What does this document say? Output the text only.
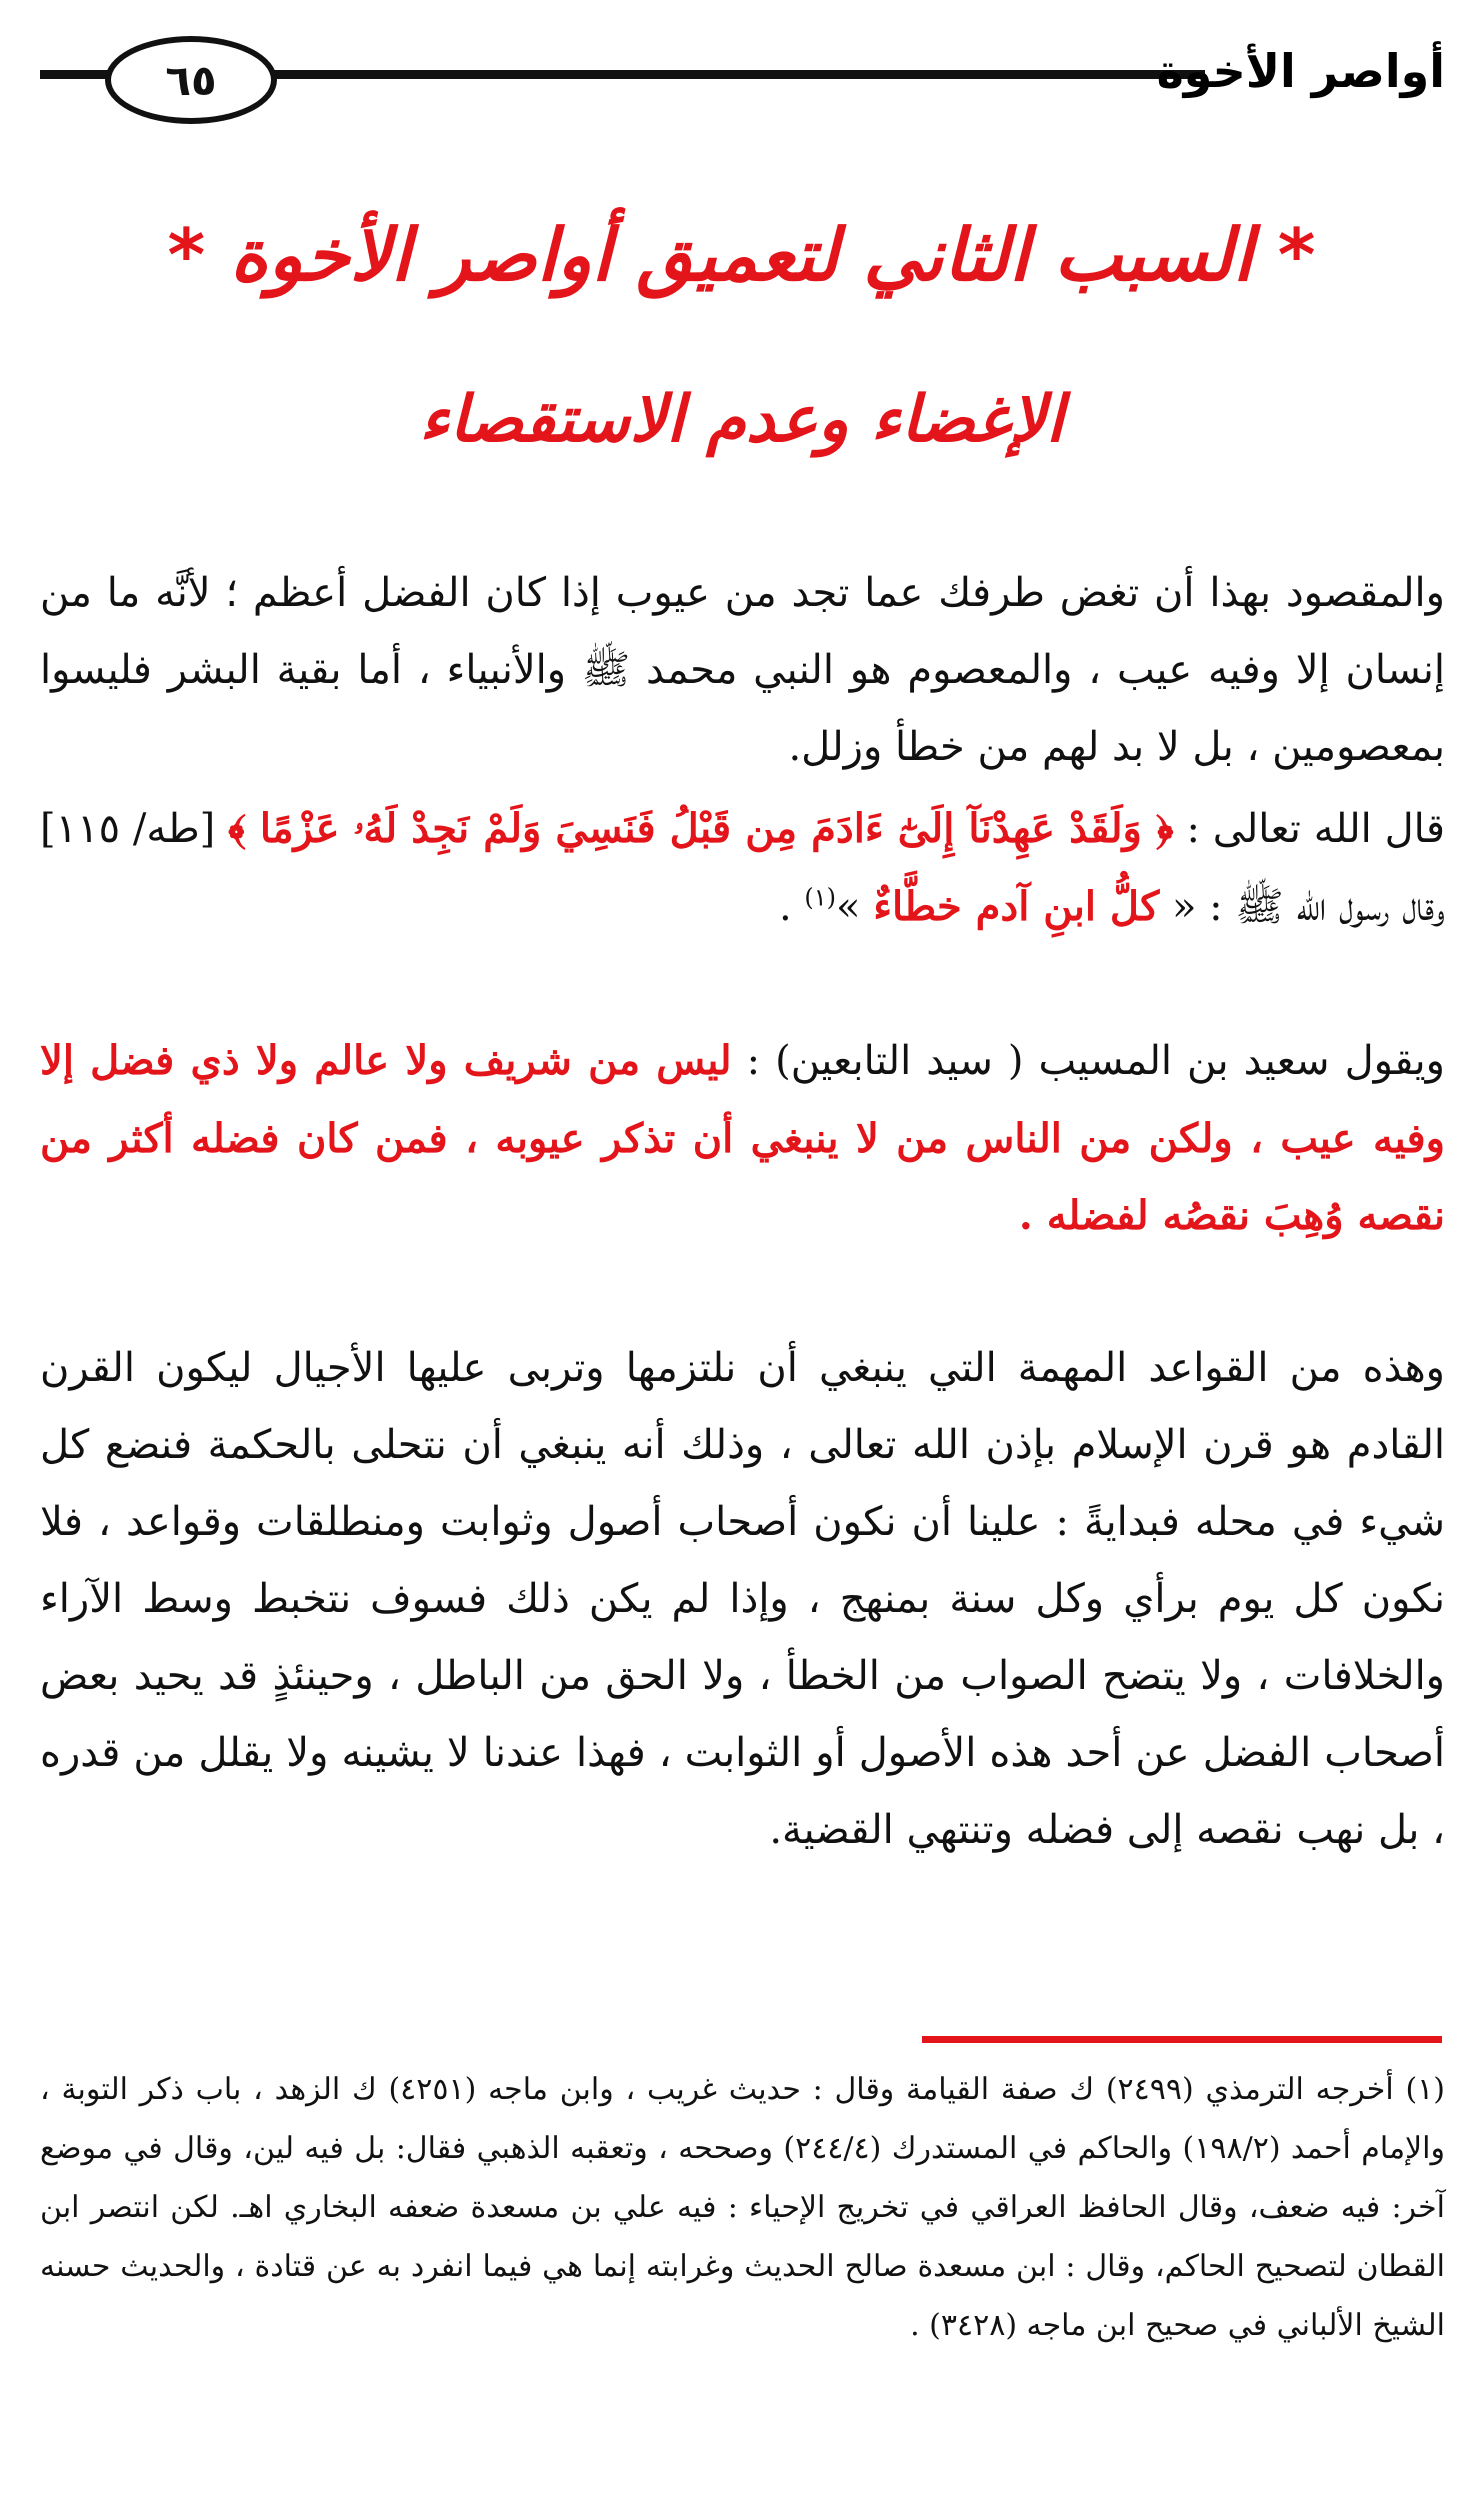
٦٥	أواصر الأخوة
* السبب الثاني لتعميق أواصر الأخوة *
الإغضاء وعدم الاستقصاء

والمقصود بهذا أن تغض طرفك عما تجد من عيوب إذا كان الفضل أعظم ؛ لأنَّه ما من إنسان إلا وفيه عيب ، والمعصوم هو النبي محمد ﷺ والأنبياء ، أما بقية البشر فليسوا بمعصومين ، بل لا بد لهم من خطأ وزلل.

قال الله تعالى : ﴿ وَلَقَدْ عَهِدْنَآ إِلَىٰٓ ءَادَمَ مِن قَبْلُ فَنَسِيَ وَلَمْ نَجِدْ لَهُۥ عَزْمًا ﴾ [طه/ ١١٥] وقال رسول الله ﷺ : « كلُّ ابنِ آدم خطَّاءٌ »$^{(١)}$ .

ويقول سعيد بن المسيب ( سيد التابعين) : ليس من شريف ولا عالم ولا ذي فضل إلا وفيه عيب ، ولكن من الناس من لا ينبغي أن تذكر عيوبه ، فمن كان فضله أكثر من نقصه وُهِبَ نقصُه لفضله .

وهذه من القواعد المهمة التي ينبغي أن نلتزمها وتربى عليها الأجيال ليكون القرن القادم هو قرن الإسلام بإذن الله تعالى ، وذلك أنه ينبغي أن نتحلى بالحكمة فنضع كل شيء في محله فبدايةً : علينا أن نكون أصحاب أصول وثوابت ومنطلقات وقواعد ، فلا نكون كل يوم برأي وكل سنة بمنهج ، وإذا لم يكن ذلك فسوف نتخبط وسط الآراء والخلافات ، ولا يتضح الصواب من الخطأ ، ولا الحق من الباطل ، وحينئذٍ قد يحيد بعض أصحاب الفضل عن أحد هذه الأصول أو الثوابت ، فهذا عندنا لا يشينه ولا يقلل من قدره ، بل نهب نقصه إلى فضله وتنتهي القضية.

(١) أخرجه الترمذي (٢٤٩٩) ك صفة القيامة وقال : حديث غريب ، وابن ماجه (٤٢٥١) ك الزهد ، باب ذكر التوبة ، والإمام أحمد (١٩٨/٢) والحاكم في المستدرك (٢٤٤/٤) وصححه ، وتعقبه الذهبي فقال: بل فيه لين، وقال في موضع آخر: فيه ضعف، وقال الحافظ العراقي في تخريج الإحياء : فيه علي بن مسعدة ضعفه البخاري اهـ. لكن انتصر ابن القطان لتصحيح الحاكم، وقال : ابن مسعدة صالح الحديث وغرابته إنما هي فيما انفرد به عن قتادة ، والحديث حسنه الشيخ الألباني في صحيح ابن ماجه (٣٤٢٨) .
